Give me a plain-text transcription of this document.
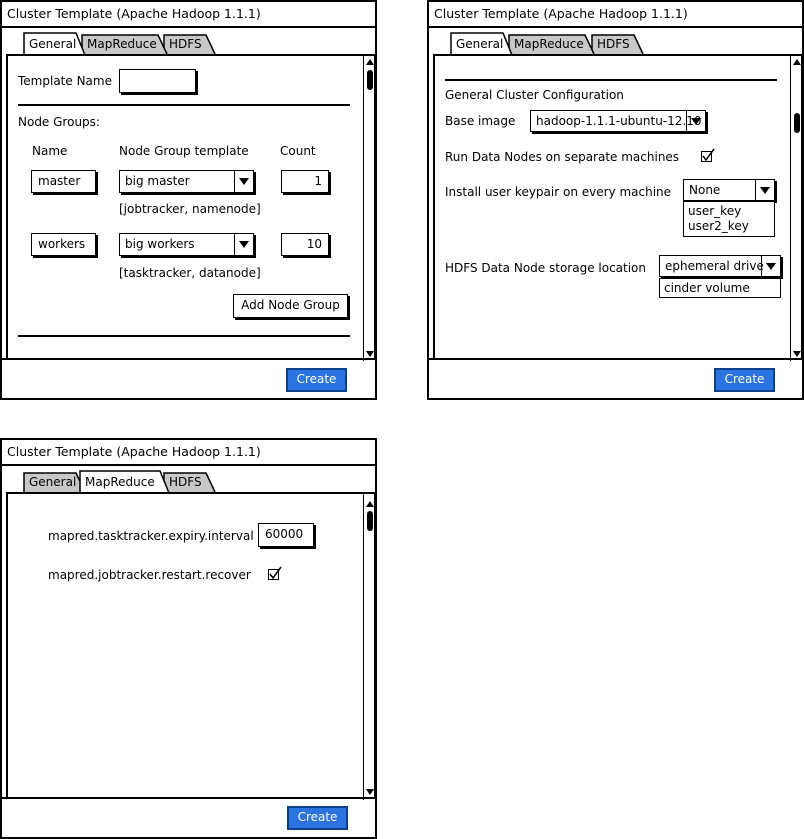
Cluster Template (Apache Hadoop 1.1.1)
HDFS
MapReduce
General
Template Name
Node Groups:
Name	Node Group template	Count
master	big master	1
[jobtracker, namenode]
workers	big workers	10
[tasktracker, datanode]
Add Node Group
Create
Cluster Template (Apache Hadoop 1.1.1)
HDFS
MapReduce
General
General Cluster Configuration
Base image hadoop-1.1.1-ubuntu-12.10
Run Data Nodes on separate machines
Install user keypair on every machine None
user_key
user2_key
HDFS Data Node storage location ephemeral drive
cinder volume
Create
Cluster Template (Apache Hadoop 1.1.1)
HDFS
General MapReduce
mapred.tasktracker.expiry.interval 60000
mapred.jobtracker.restart.recover
Create
